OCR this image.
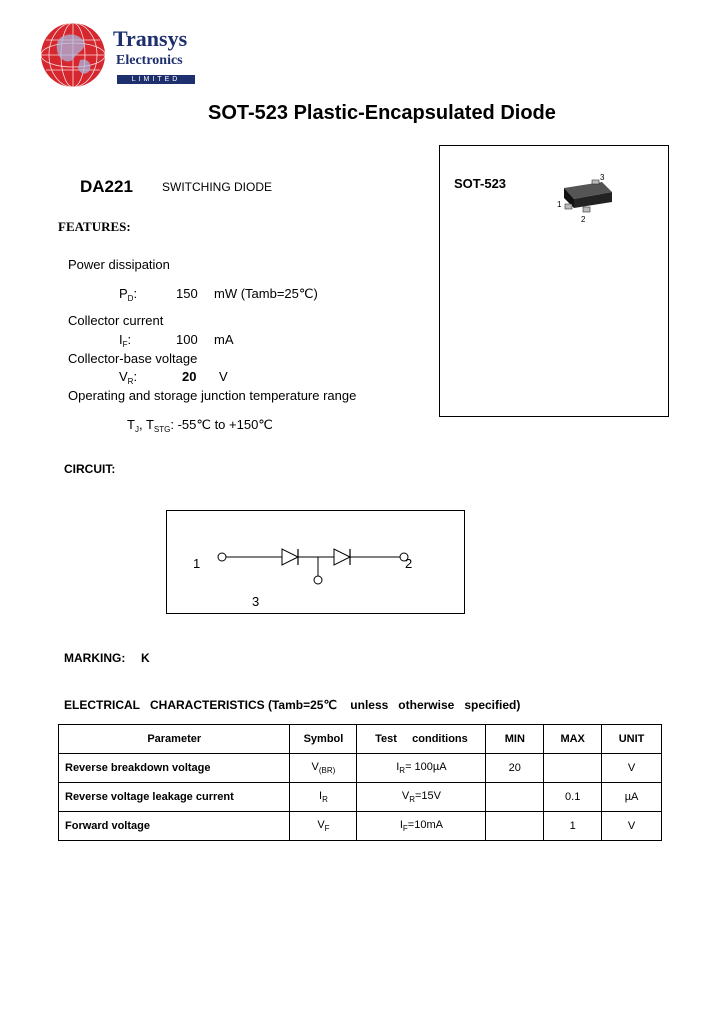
Transys
Electronics
LIMITED
SOT-523 Plastic-Encapsulated Diode
DA221 SWITCHING DIODE
FEATURES:
Power dissipation
$P_D$:	150 mW (Tamb=25℃)
Collector current
$I_F$:	100 mA
Collector-base voltage
$V_R$:	20 V
Operating and storage junction temperature range
$T_J$, $T_{STG}$: -55℃ to +150℃
SOT-523	3
1
2
CIRCUIT:
1	2
3
MARKING: K
ELECTRICAL   CHARACTERISTICS (Tamb=25℃    unless   otherwise   specified)
Parameter	Symbol	Test     conditions	MIN	MAX	UNIT
Reverse breakdown voltage	$V_{(BR)}$	$I_R= 100\mu A$	20		V
Reverse voltage leakage current	$I_R$	$V_R=15V$		0.1	µA
Forward voltage	$V_F$	$I_F=10mA$		1	V
